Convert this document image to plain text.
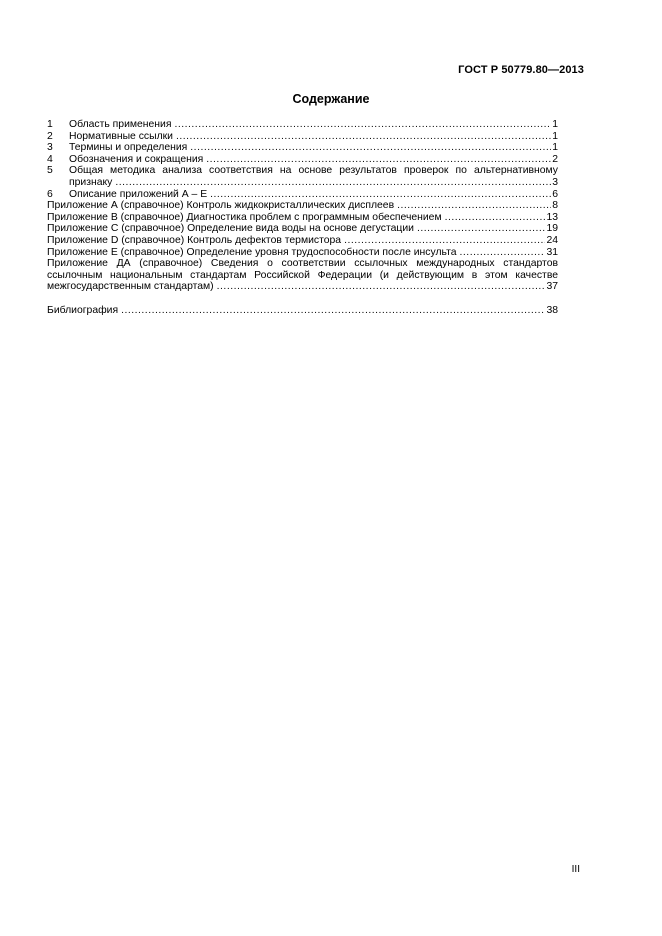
ГОСТ Р 50779.80—2013
Содержание
1	Область применения .....	1
2	Нормативные ссылки .....	1
3	Термины и определения .....	1
4	Обозначения и сокращения .....	2
5	Общая методика анализа соответствия на основе результатов проверок по альтернативному
признаку .....	3
6	Описание приложений А – Е .....	6
Приложение А (справочное) Контроль жидкокристаллических дисплеев .....	8
Приложение В (справочное) Диагностика проблем с программным обеспечением .....	13
Приложение С (справочное) Определение вида воды на основе дегустации .....	19
Приложение D (справочное) Контроль дефектов термистора .....	24
Приложение Е (справочное) Определение уровня трудоспособности после инсульта .....	31
Приложение ДА (справочное) Сведения о соответствии ссылочных международных стандартов
ссылочным национальным стандартам Российской Федерации (и действующим в этом качестве
межгосударственным стандартам) .....	37
Библиография .....	38
III
